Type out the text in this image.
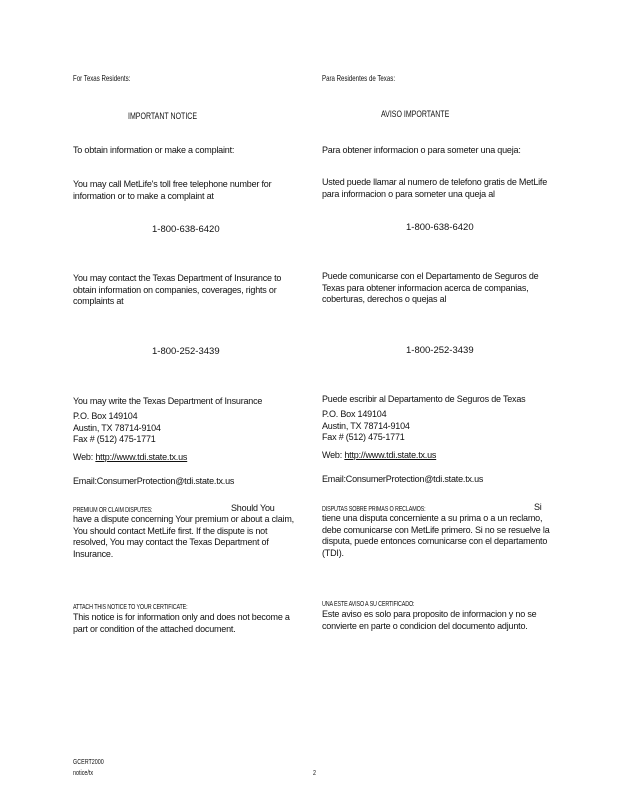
For Texas Residents:
IMPORTANT NOTICE
To obtain information or make a complaint:
You may call MetLife's toll free telephone number for information or to make a complaint at
1-800-638-6420
You may contact the Texas Department of Insurance to obtain information on companies, coverages, rights or complaints at
1-800-252-3439
You may write the Texas Department of Insurance
P.O. Box 149104
Austin, TX 78714-9104
Fax # (512) 475-1771
Web: http://www.tdi.state.tx.us
Email:ConsumerProtection@tdi.state.tx.us
PREMIUM OR CLAIM DISPUTES:	Should You
have a dispute concerning Your premium or about a claim, You should contact MetLife first. If the dispute is not resolved, You may contact the Texas Department of Insurance.
ATTACH THIS NOTICE TO YOUR CERTIFICATE:
This notice is for information only and does not become a part or condition of the attached document.
Para Residentes de Texas:
AVISO IMPORTANTE
Para obtener informacion o para someter una queja:
Usted puede llamar al numero de telefono gratis de MetLife para informacion o para someter una queja al
1-800-638-6420
Puede comunicarse con el Departamento de Seguros de Texas para obtener informacion acerca de companias, coberturas, derechos o quejas al
1-800-252-3439
Puede escribir al Departamento de Seguros de Texas
P.O. Box 149104
Austin, TX 78714-9104
Fax # (512) 475-1771
Web: http://www.tdi.state.tx.us
Email:ConsumerProtection@tdi.state.tx.us
DISPUTAS SOBRE PRIMAS O RECLAMOS:	Si
tiene una disputa concerniente a su prima o a un reclamo, debe comunicarse con MetLife primero. Si no se resuelve la disputa, puede entonces comunicarse con el departamento (TDI).
UNA ESTE AVISO A SU CERTIFICADO:
Este aviso es solo para proposito de informacion y no se convierte en parte o condicion del documento adjunto.
GCERT2000
notice/tx	2
